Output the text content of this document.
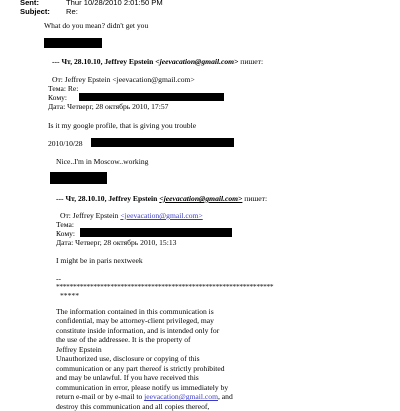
Sent:	Thur 10/28/2010 2:01:50 PM
Subject: Re:
What do you mean? didn't get you
--- Чт, 28.10.10, Jeffrey Epstein <jeevacation@gmail.com> пишет:
От: Jeffrey Epstein <jeevacation@gmail.com>
Тема: Re:
Кому:
Дата: Четверг, 28 октябрь 2010, 17:57
Is it my google profile, that is giving you trouble
2010/10/28
Nice..I'm in Moscow..working
--- Чт, 28.10.10, Jeffrey Epstein <jeevacation@gmail.com> пишет:
От: Jeffrey Epstein <jeevacation@gmail.com>
Тема:
Кому:
Дата: Четверг, 28 октябрь 2010, 15:13
I might be in paris nextweek
--
****************************************************************
*****
The information contained in this communication is
confidential, may be attorney-client privileged, may
constitute inside information, and is intended only for
the use of the addressee. It is the property of
Jeffrey Epstein
Unauthorized use, disclosure or copying of this
communication or any part thereof is strictly prohibited
and may be unlawful. If you have received this
communication in error, please notify us immediately by
return e-mail or by e-mail to jeevacation@gmail.com, and
destroy this communication and all copies thereof,
